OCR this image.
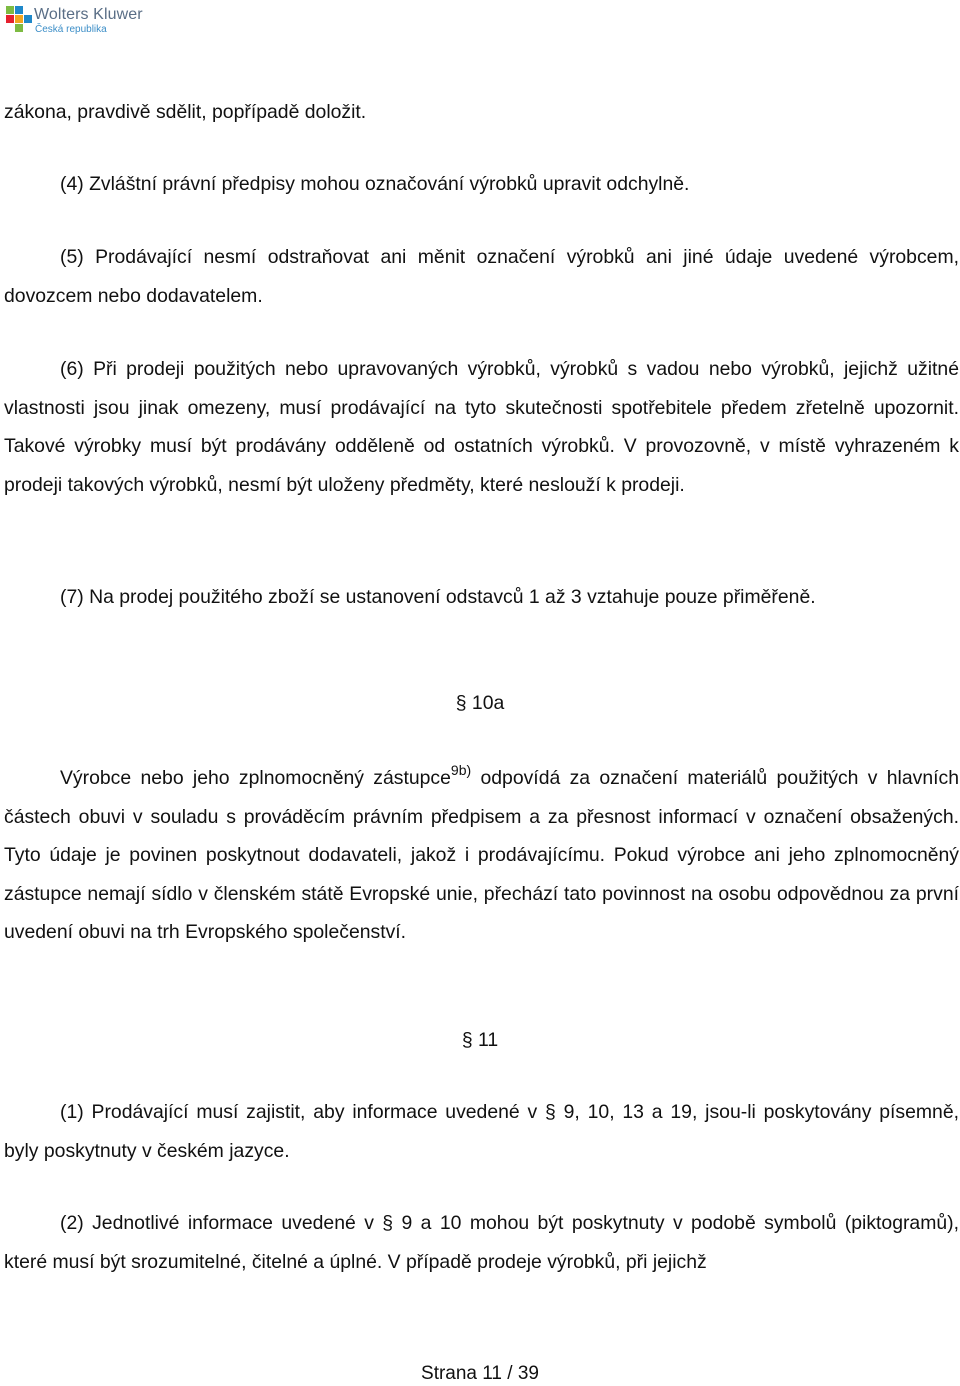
Wolters Kluwer
Česká republika

zákona, pravdivě sdělit, popřípadě doložit.

(4) Zvláštní právní předpisy mohou označování výrobků upravit odchylně.

(5) Prodávající nesmí odstraňovat ani měnit označení výrobků ani jiné údaje uvedené výrobcem, dovozcem nebo dodavatelem.

(6) Při prodeji použitých nebo upravovaných výrobků, výrobků s vadou nebo výrobků, jejichž užitné vlastnosti jsou jinak omezeny, musí prodávající na tyto skutečnosti spotřebitele předem zřetelně upozornit. Takové výrobky musí být prodávány odděleně od ostatních výrobků. V provozovně, v místě vyhrazeném k prodeji takových výrobků, nesmí být uloženy předměty, které neslouží k prodeji.

(7) Na prodej použitého zboží se ustanovení odstavců 1 až 3 vztahuje pouze přiměřeně.

§ 10a

Výrobce nebo jeho zplnomocněný zástupce$^{9b)}$ odpovídá za označení materiálů použitých v hlavních částech obuvi v souladu s prováděcím právním předpisem a za přesnost informací v označení obsažených. Tyto údaje je povinen poskytnout dodavateli, jakož i prodávajícímu. Pokud výrobce ani jeho zplnomocněný zástupce nemají sídlo v členském státě Evropské unie, přechází tato povinnost na osobu odpovědnou za první uvedení obuvi na trh Evropského společenství.

§ 11

(1) Prodávající musí zajistit, aby informace uvedené v § 9, 10, 13 a 19, jsou-li poskytovány písemně, byly poskytnuty v českém jazyce.

(2) Jednotlivé informace uvedené v § 9 a 10 mohou být poskytnuty v podobě symbolů (piktogramů), které musí být srozumitelné, čitelné a úplné. V případě prodeje výrobků, při jejichž

Strana 11 / 39
